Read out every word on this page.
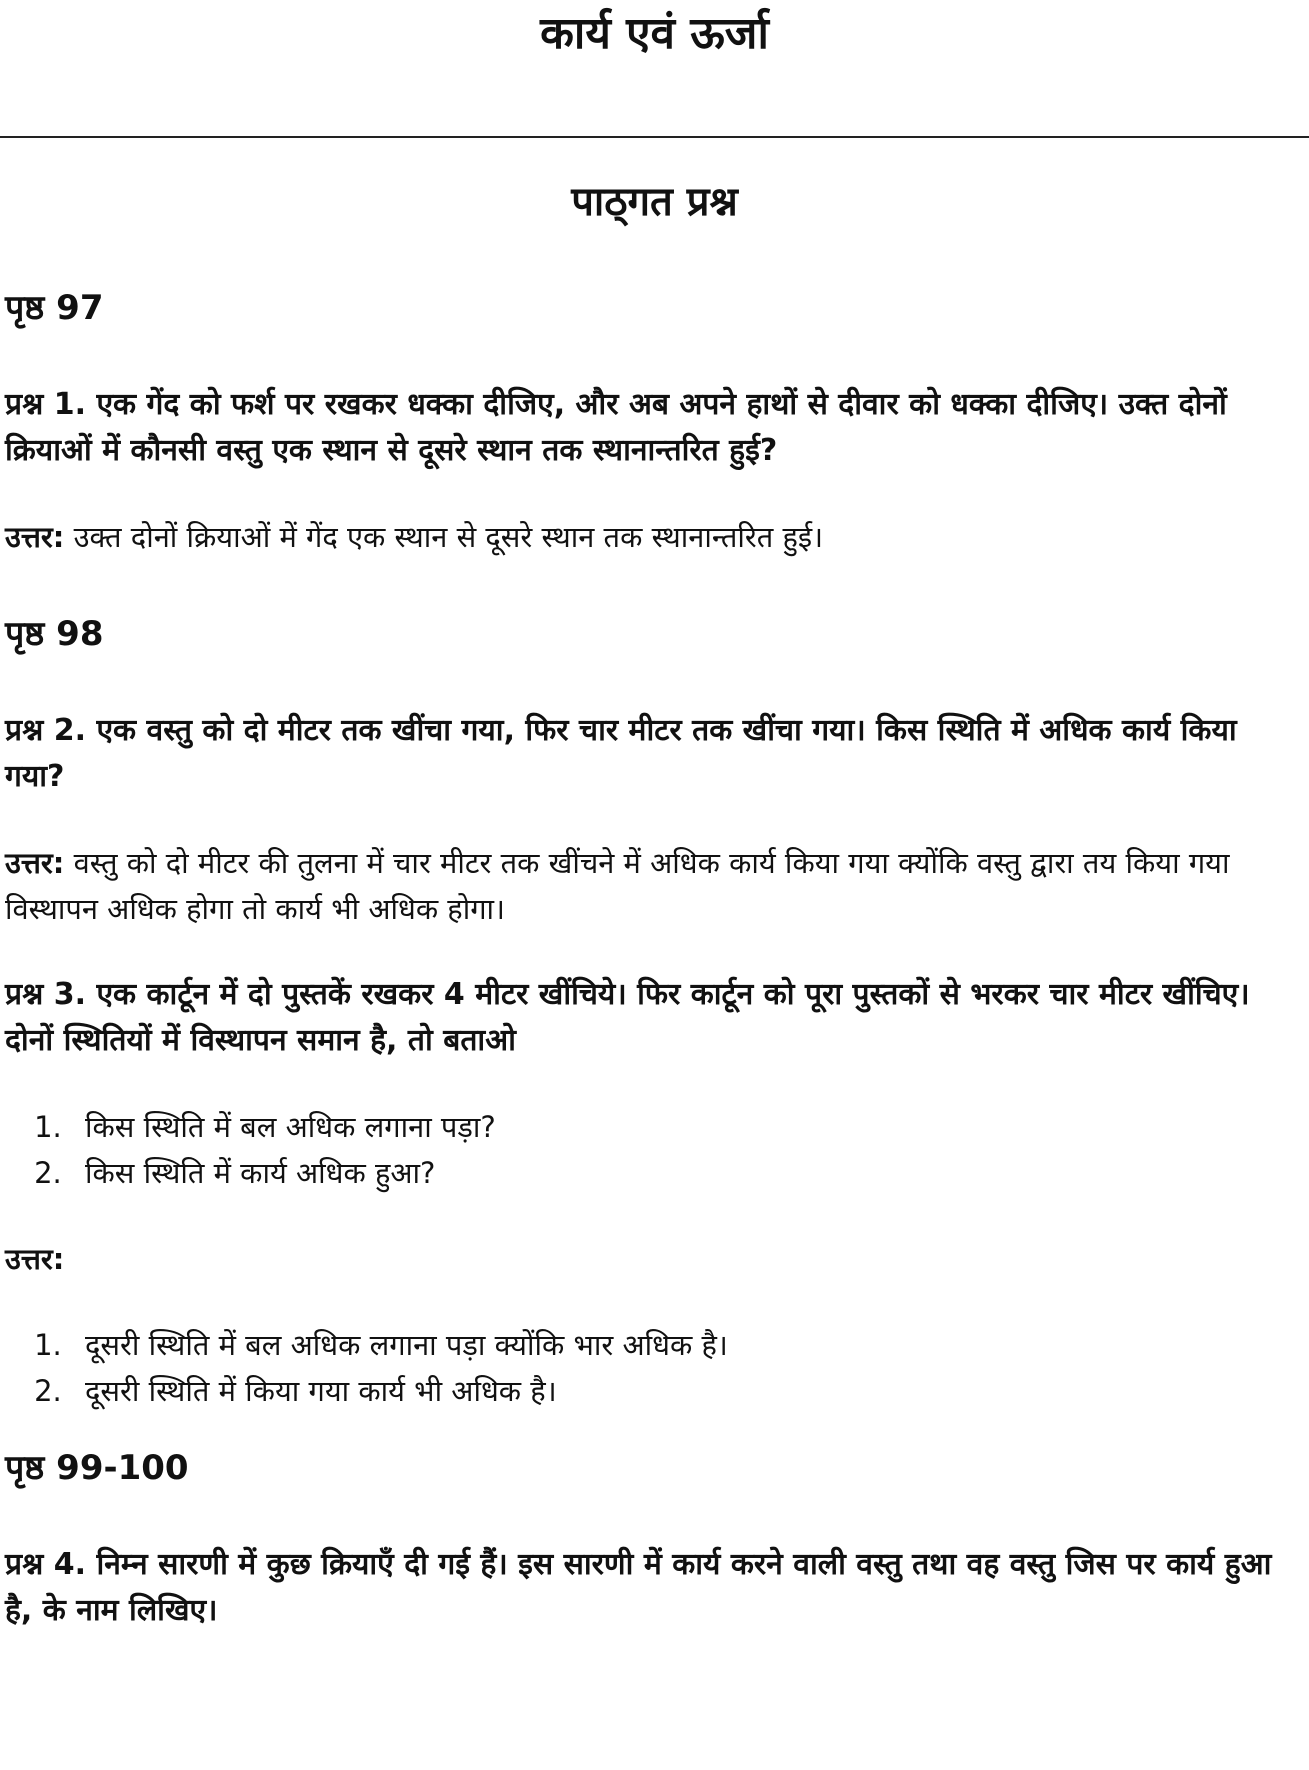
कार्य एवं ऊर्जा
पाठ्गत प्रश्न

पृष्ठ 97

प्रश्न 1. एक गेंद को फर्श पर रखकर धक्का दीजिए, और अब अपने हाथों से दीवार को धक्का दीजिए। उक्त दोनों क्रियाओं में कौनसी वस्तु एक स्थान से दूसरे स्थान तक स्थानान्तरित हुई?

उत्तर: उक्त दोनों क्रियाओं में गेंद एक स्थान से दूसरे स्थान तक स्थानान्तरित हुई।

पृष्ठ 98

प्रश्न 2. एक वस्तु को दो मीटर तक खींचा गया, फिर चार मीटर तक खींचा गया। किस स्थिति में अधिक कार्य किया गया?

उत्तर: वस्तु को दो मीटर की तुलना में चार मीटर तक खींचने में अधिक कार्य किया गया क्योंकि वस्तु द्वारा तय किया गया विस्थापन अधिक होगा तो कार्य भी अधिक होगा।

प्रश्न 3. एक कार्टून में दो पुस्तकें रखकर 4 मीटर खींचिये। फिर कार्टून को पूरा पुस्तकों से भरकर चार मीटर खींचिए। दोनों स्थितियों में विस्थापन समान है, तो बताओ

1. किस स्थिति में बल अधिक लगाना पड़ा?
2. किस स्थिति में कार्य अधिक हुआ?

उत्तर:

1. दूसरी स्थिति में बल अधिक लगाना पड़ा क्योंकि भार अधिक है।
2. दूसरी स्थिति में किया गया कार्य भी अधिक है।

पृष्ठ 99-100

प्रश्न 4. निम्न सारणी में कुछ क्रियाएँ दी गई हैं। इस सारणी में कार्य करने वाली वस्तु तथा वह वस्तु जिस पर कार्य हुआ है, के नाम लिखिए।
